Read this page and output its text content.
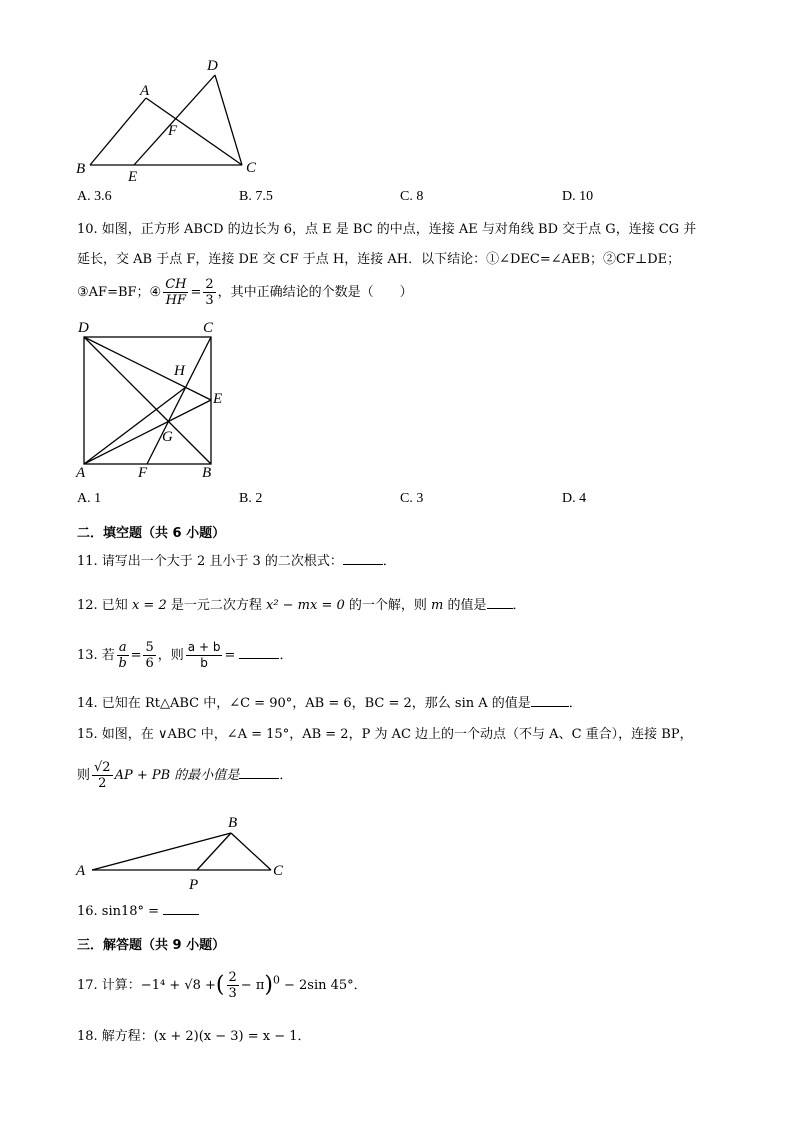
B
A
D
F
C
E
A. 3.6	B. 7.5	C. 8	D. 10
10. 如图，正方形 ABCD 的边长为 6，点 E 是 BC 的中点，连接 AE 与对角线 BD 交于点 G，连接 CG 并
延长，交 AB 于点 F，连接 DE 交 CF 于点 H，连接 AH．以下结论：①∠DEC=∠AEB；②CF⊥DE；
③AF=BF；④ $\frac{CH}{HF} = \frac{2}{3}$ ，其中正确结论的个数是（　　）
D	C
H
E
G
A	F	B
A. 1	B. 2	C. 3	D. 4
二．填空题（共 6 小题）
11. 请写出一个大于 2 且小于 3 的二次根式：	．
12. 已知 x = 2 是一元二次方程 x² − mx = 0 的一个解，则 m 的值是 ．
13. 若 $\frac{a}{b} = \frac{5}{6}$ ，则 $\frac{a + b}{b}$ =	．
14. 已知在 Rt△ABC 中，∠C = 90°，AB = 6，BC = 2，那么 sin A 的值是	．
15. 如图，在 ∨ABC 中，∠A = 15°，AB = 2，P 为 AC 边上的一个动点（不与 A、C 重合），连接 BP，
则 $\frac{√2}{2}$ AP + PB 的最小值是	．
A
B
C
P
16. sin18° =
三．解答题（共 9 小题）
17. 计算：−1⁴ + √8 +( $\frac{2}{3} - \pi)^0 - 2\sin$ 45°．
18. 解方程：(x + 2)(x − 3) = x − 1．
